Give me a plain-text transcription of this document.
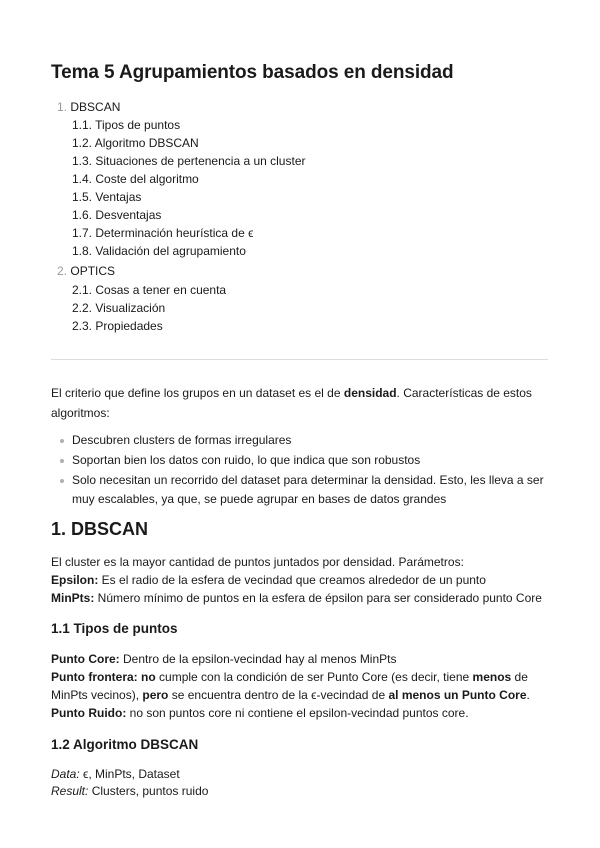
Tema 5 Agrupamientos basados en densidad
1. DBSCAN
1.1. Tipos de puntos
1.2. Algoritmo DBSCAN
1.3. Situaciones de pertenencia a un cluster
1.4. Coste del algoritmo
1.5. Ventajas
1.6. Desventajas
1.7. Determinación heurística de ϵ
1.8. Validación del agrupamiento
2. OPTICS
2.1. Cosas a tener en cuenta
2.2. Visualización
2.3. Propiedades
El criterio que define los grupos en un dataset es el de densidad. Características de estos algoritmos:
Descubren clusters de formas irregulares
Soportan bien los datos con ruido, lo que indica que son robustos
Solo necesitan un recorrido del dataset para determinar la densidad. Esto, les lleva a ser muy escalables, ya que, se puede agrupar en bases de datos grandes
1. DBSCAN
El cluster es la mayor cantidad de puntos juntados por densidad. Parámetros:
Epsilon: Es el radio de la esfera de vecindad que creamos alrededor de un punto
MinPts: Número mínimo de puntos en la esfera de épsilon para ser considerado punto Core
1.1 Tipos de puntos
Punto Core: Dentro de la epsilon-vecindad hay al menos MinPts
Punto frontera: no cumple con la condición de ser Punto Core (es decir, tiene menos de
MinPts vecinos), pero se encuentra dentro de la ϵ-vecindad de al menos un Punto Core.
Punto Ruido: no son puntos core ni contiene el epsilon-vecindad puntos core.
1.2 Algoritmo DBSCAN
Data: ϵ, MinPts, Dataset
Result: Clusters, puntos ruido
